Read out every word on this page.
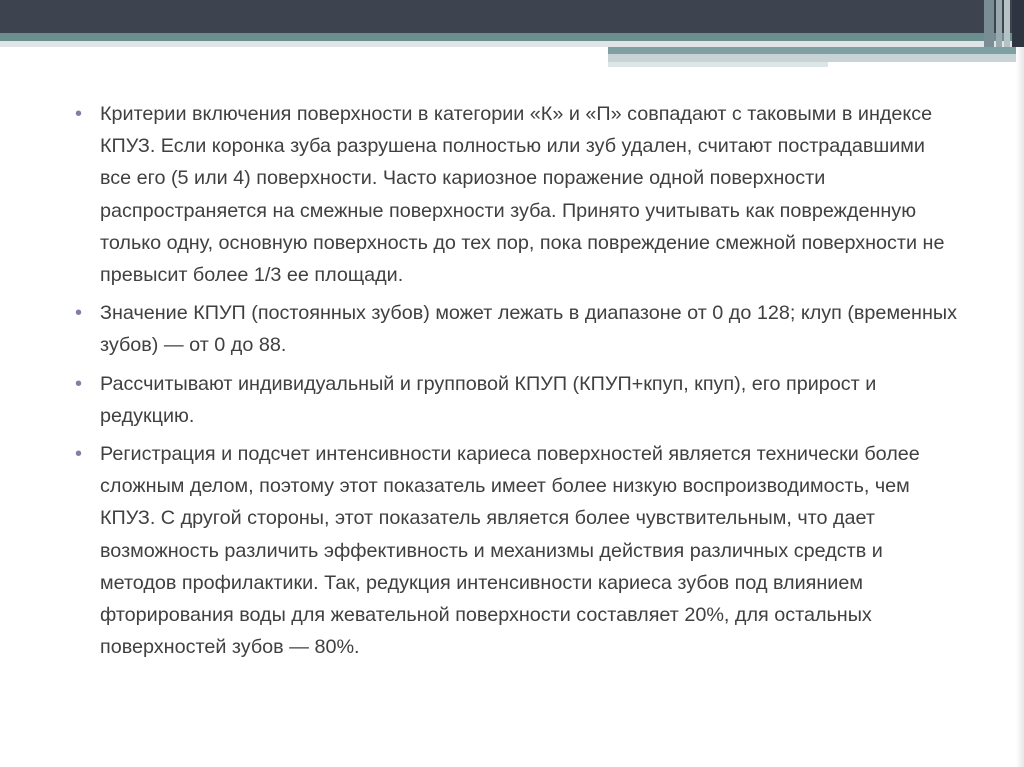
• Критерии включения поверхности в категории «К» и «П» совпадают с таковыми в индексе КПУЗ. Если коронка зуба разрушена полностью или зуб удален, считают пострадавшими все его (5 или 4) поверхности. Часто кариозное поражение одной поверхности распространяется на смежные поверхности зуба. Принято учитывать как поврежденную только одну, основную поверхность до тех пор, пока повреждение смежной поверхности не превысит более 1/3 ее площади.
• Значение КПУП (постоянных зубов) может лежать в диапазоне от 0 до 128; клуп (временных зубов) — от 0 до 88.
• Рассчитывают индивидуальный и групповой КПУП (КПУП+кпуп, кпуп), его прирост и редукцию.
• Регистрация и подсчет интенсивности кариеса поверхностей является технически более сложным делом, поэтому этот показатель имеет более низкую воспроизводимость, чем КПУЗ. С другой стороны, этот показатель является более чувствительным, что дает возможность различить эффективность и механизмы действия различных средств и методов профилактики. Так, редукция интенсивности кариеса зубов под влиянием фторирования воды для жевательной поверхности составляет 20%, для остальных поверхностей зубов — 80%.
